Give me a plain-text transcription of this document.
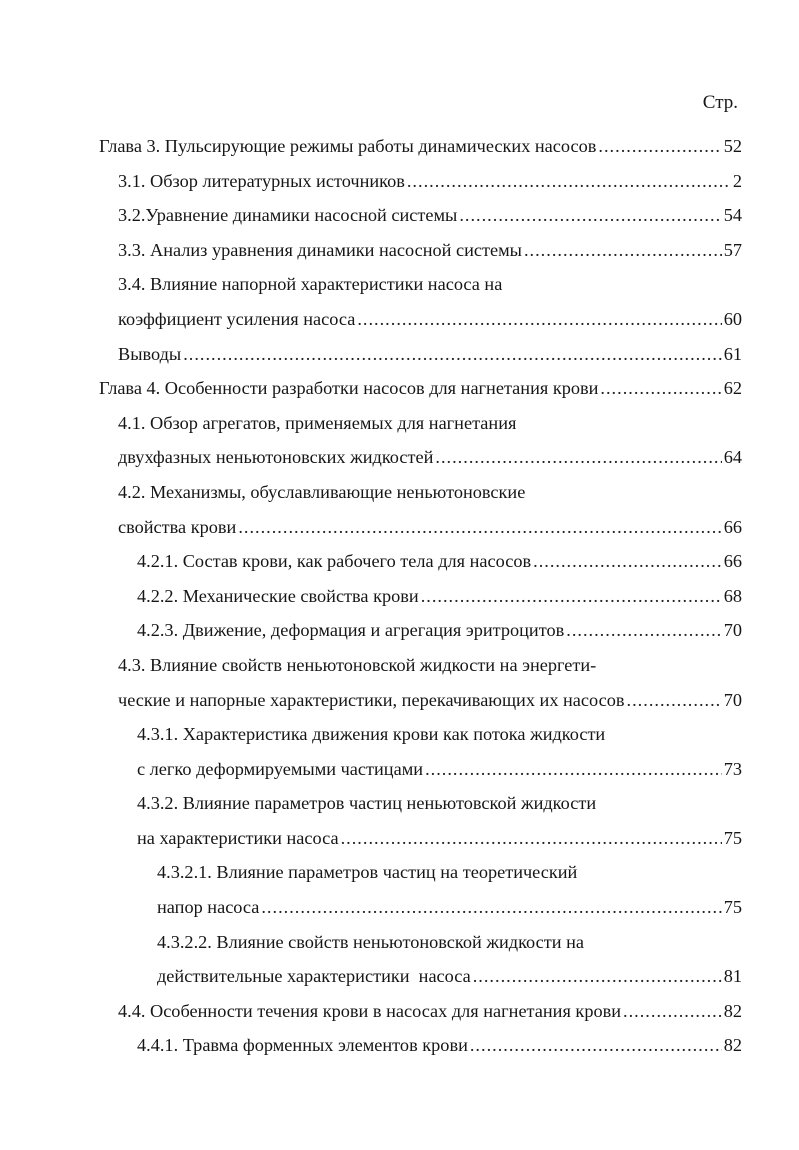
Стр.
Глава 3. Пульсирующие режимы работы динамических насосов .....	52
3.1. Обзор литературных источников .....	2
3.2.Уравнение динамики насосной системы .....	54
3.3. Анализ уравнения динамики насосной системы .....	57
3.4. Влияние напорной характеристики насоса на
коэффициент усиления насоса .....	60
Выводы .....	61
Глава 4. Особенности разработки насосов для нагнетания крови .....	62
4.1. Обзор агрегатов, применяемых для нагнетания
двухфазных неньютоновских жидкостей .....	64
4.2. Механизмы, обуславливающие неньютоновские
свойства крови .....	66
4.2.1. Состав крови, как рабочего тела для насосов .....	66
4.2.2. Механические свойства крови .....	68
4.2.3. Движение, деформация и агрегация эритроцитов .....	70
4.3. Влияние свойств неньютоновской жидкости на энергети-
ческие и напорные характеристики, перекачивающих их насосов .....	70
4.3.1. Характеристика движения крови как потока жидкости
с легко деформируемыми частицами .....	73
4.3.2. Влияние параметров частиц неньютовской жидкости
на характеристики насоса .....	75
4.3.2.1. Влияние параметров частиц на теоретический
напор насоса .....	75
4.3.2.2. Влияние свойств неньютоновской жидкости на
действительные характеристики  насоса .....	81
4.4. Особенности течения крови в насосах для нагнетания крови .....	82
4.4.1. Травма форменных элементов крови .....	82
